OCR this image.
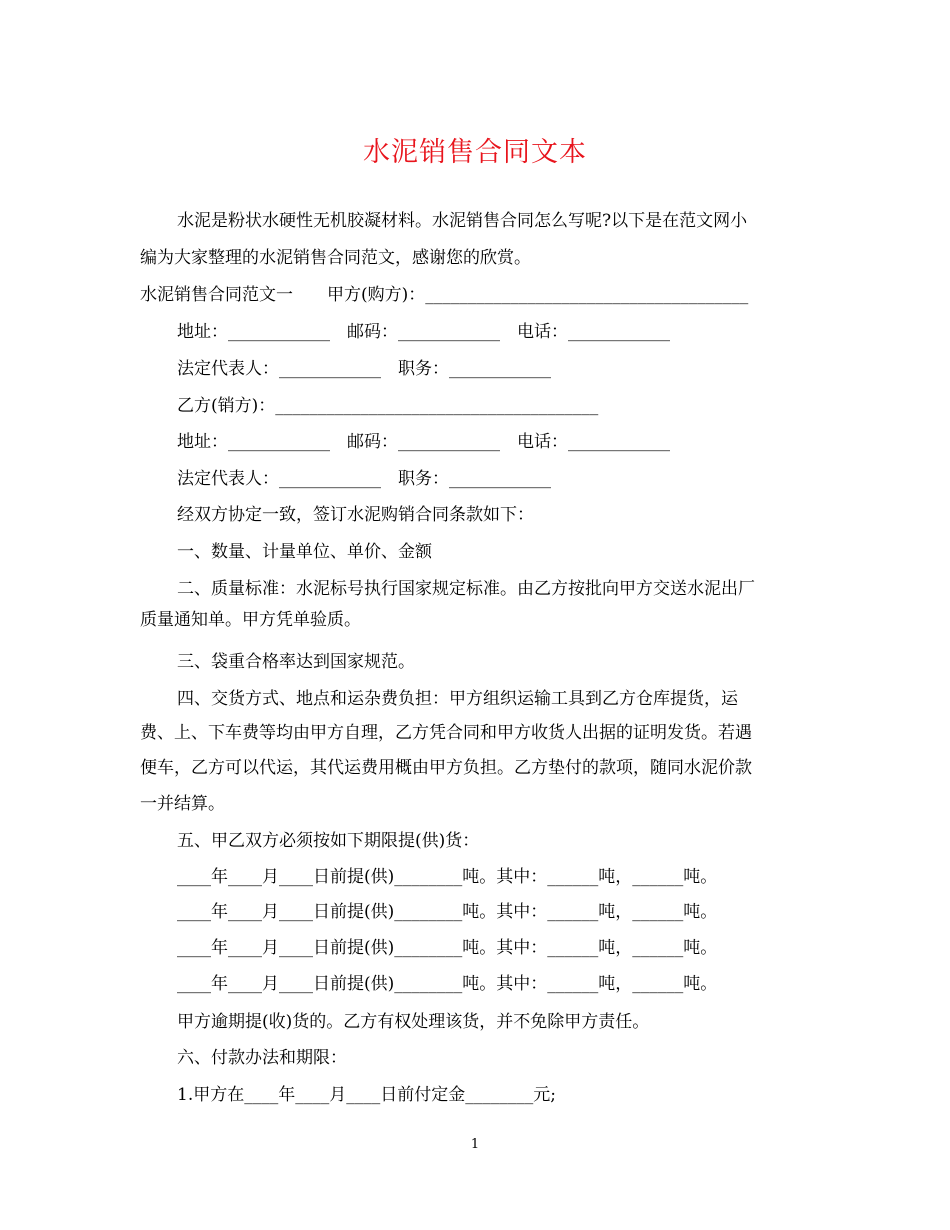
水泥销售合同文本
水泥是粉状水硬性无机胶凝材料。水泥销售合同怎么写呢?以下是在范文网小
编为大家整理的水泥销售合同范文，感谢您的欣赏。
水泥销售合同范文一　　甲方(购方)：______________________________________
地址：____________　邮码：____________　电话：____________
法定代表人：____________　职务：____________
乙方(销方)：______________________________________
地址：____________　邮码：____________　电话：____________
法定代表人：____________　职务：____________
经双方协定一致，签订水泥购销合同条款如下：
一、数量、计量单位、单价、金额
二、质量标准：水泥标号执行国家规定标准。由乙方按批向甲方交送水泥出厂
质量通知单。甲方凭单验质。
三、袋重合格率达到国家规范。
四、交货方式、地点和运杂费负担：甲方组织运输工具到乙方仓库提货，运
费、上、下车费等均由甲方自理，乙方凭合同和甲方收货人出据的证明发货。若遇
便车，乙方可以代运，其代运费用概由甲方负担。乙方垫付的款项，随同水泥价款
一并结算。
五、甲乙双方必须按如下期限提(供)货：
____年____月____日前提(供)________吨。其中：______吨，______吨。
____年____月____日前提(供)________吨。其中：______吨，______吨。
____年____月____日前提(供)________吨。其中：______吨，______吨。
____年____月____日前提(供)________吨。其中：______吨，______吨。
甲方逾期提(收)货的。乙方有权处理该货，并不免除甲方责任。
六、付款办法和期限：
1.甲方在____年____月____日前付定金________元;
1
